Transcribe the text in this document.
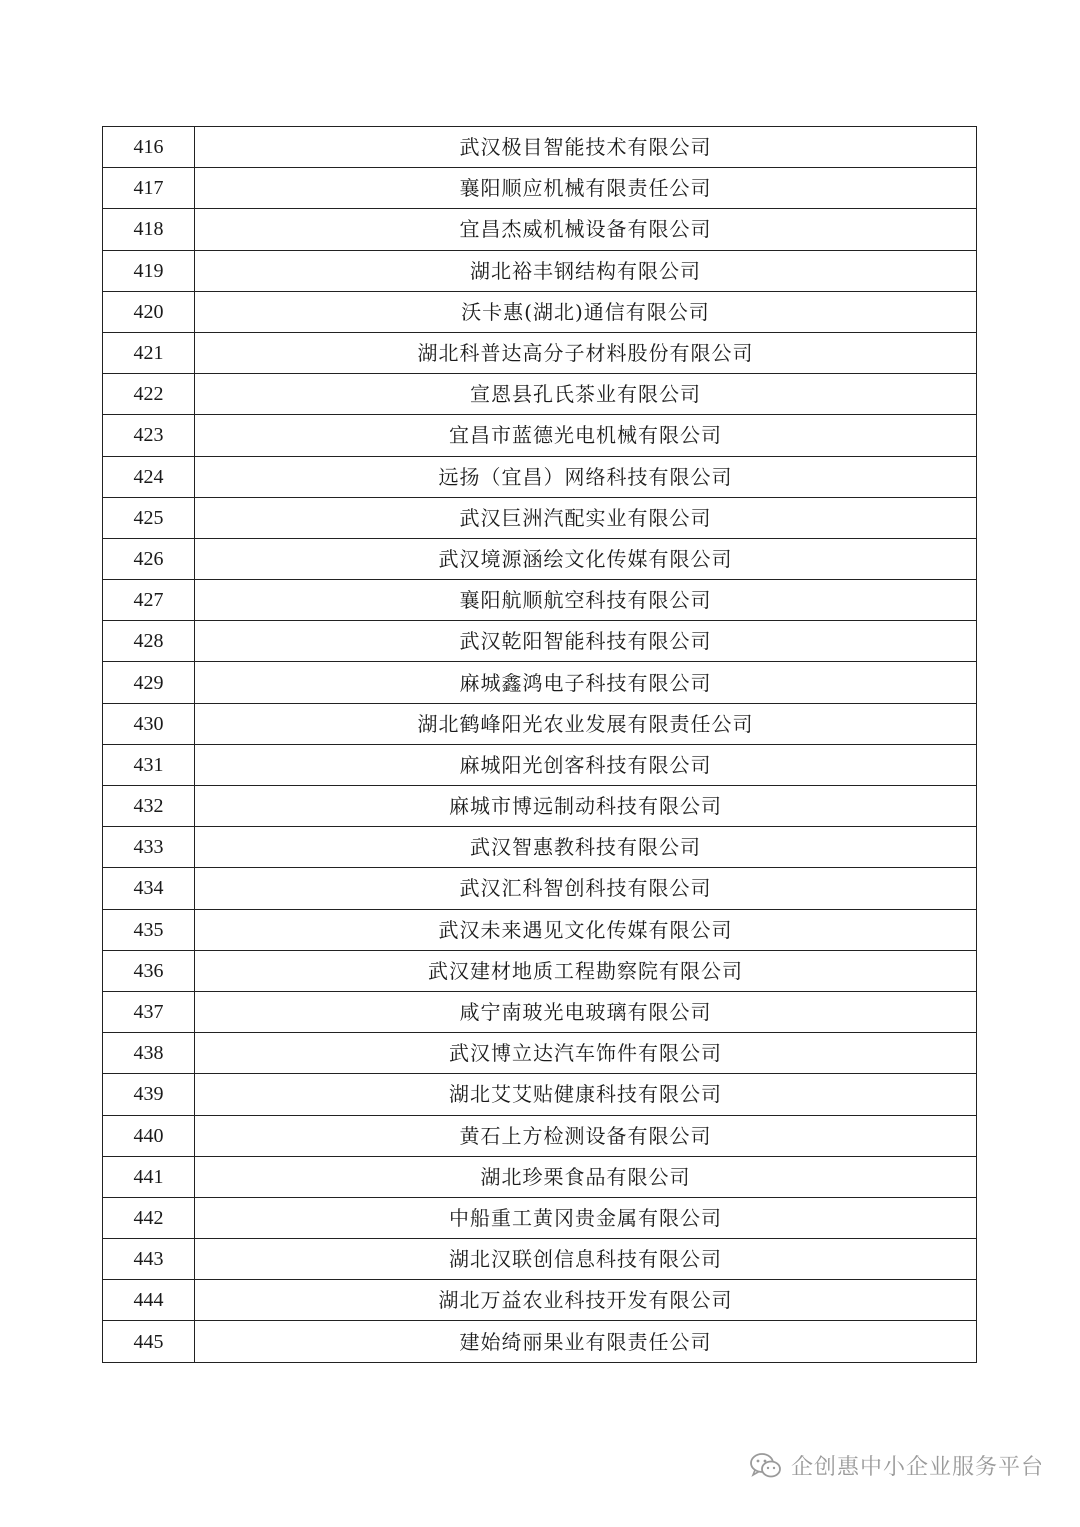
416	武汉极目智能技术有限公司
417	襄阳顺应机械有限责任公司
418	宜昌杰威机械设备有限公司
419	湖北裕丰钢结构有限公司
420	沃卡惠(湖北)通信有限公司
421	湖北科普达高分子材料股份有限公司
422	宣恩县孔氏茶业有限公司
423	宜昌市蓝德光电机械有限公司
424	远扬（宜昌）网络科技有限公司
425	武汉巨洲汽配实业有限公司
426	武汉境源涵绘文化传媒有限公司
427	襄阳航顺航空科技有限公司
428	武汉乾阳智能科技有限公司
429	麻城鑫鸿电子科技有限公司
430	湖北鹤峰阳光农业发展有限责任公司
431	麻城阳光创客科技有限公司
432	麻城市博远制动科技有限公司
433	武汉智惠教科技有限公司
434	武汉汇科智创科技有限公司
435	武汉未来遇见文化传媒有限公司
436	武汉建材地质工程勘察院有限公司
437	咸宁南玻光电玻璃有限公司
438	武汉博立达汽车饰件有限公司
439	湖北艾艾贴健康科技有限公司
440	黄石上方检测设备有限公司
441	湖北珍栗食品有限公司
442	中船重工黄冈贵金属有限公司
443	湖北汉联创信息科技有限公司
444	湖北万益农业科技开发有限公司
445	建始绮丽果业有限责任公司
企创惠中小企业服务平台
